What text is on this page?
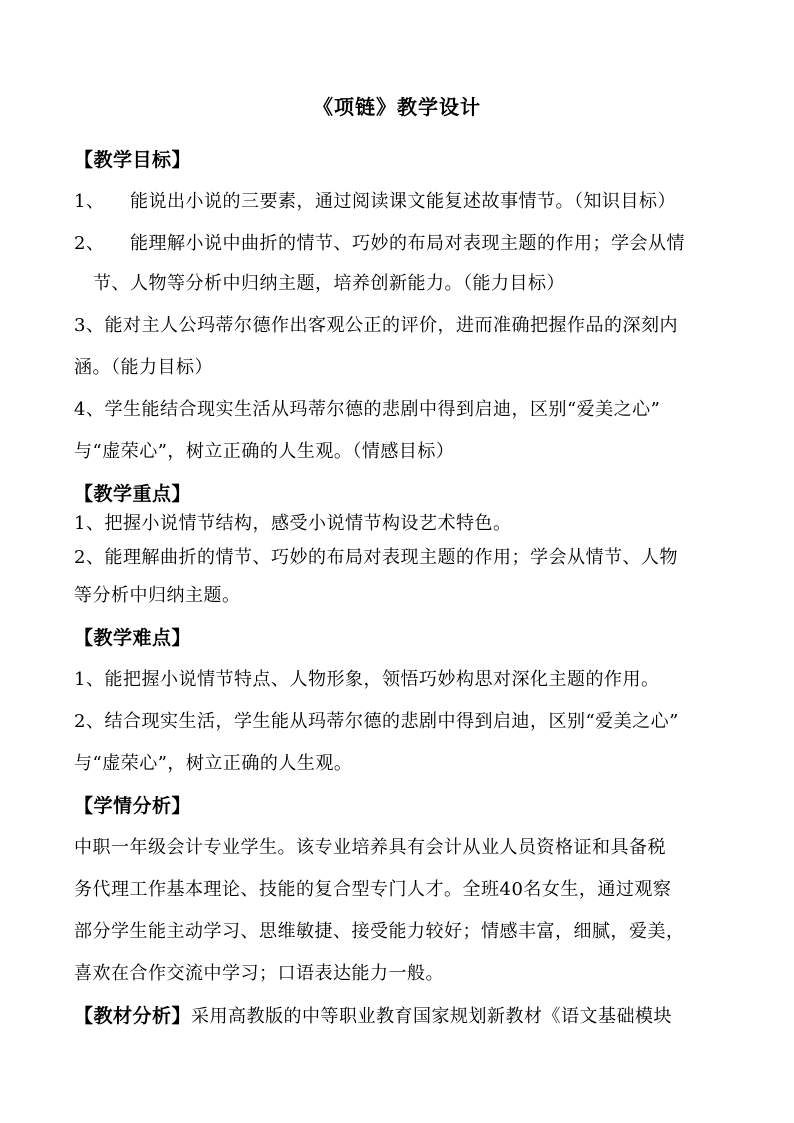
《项链》教学设计
【教学目标】
1、 能说出小说的三要素，通过阅读课文能复述故事情节。（知识目标）
2、 能理解小说中曲折的情节、巧妙的布局对表现主题的作用；学会从情
节、人物等分析中归纳主题，培养创新能力。（能力目标）
3、能对主人公玛蒂尔德作出客观公正的评价，进而准确把握作品的深刻内
涵。（能力目标）
4、学生能结合现实生活从玛蒂尔德的悲剧中得到启迪，区别“爱美之心”
与“虚荣心”，树立正确的人生观。（情感目标）
【教学重点】
1、把握小说情节结构，感受小说情节构设艺术特色。
2、能理解曲折的情节、巧妙的布局对表现主题的作用；学会从情节、人物
等分析中归纳主题。
【教学难点】
1、能把握小说情节特点、人物形象，领悟巧妙构思对深化主题的作用。
2、结合现实生活，学生能从玛蒂尔德的悲剧中得到启迪，区别“爱美之心”
与“虚荣心”，树立正确的人生观。
【学情分析】
中职一年级会计专业学生。该专业培养具有会计从业人员资格证和具备税
务代理工作基本理论、技能的复合型专门人才。全班40名女生，通过观察
部分学生能主动学习、思维敏捷、接受能力较好；情感丰富，细腻，爱美，
喜欢在合作交流中学习；口语表达能力一般。
【教材分析】采用高教版的中等职业教育国家规划新教材《语文基础模块
